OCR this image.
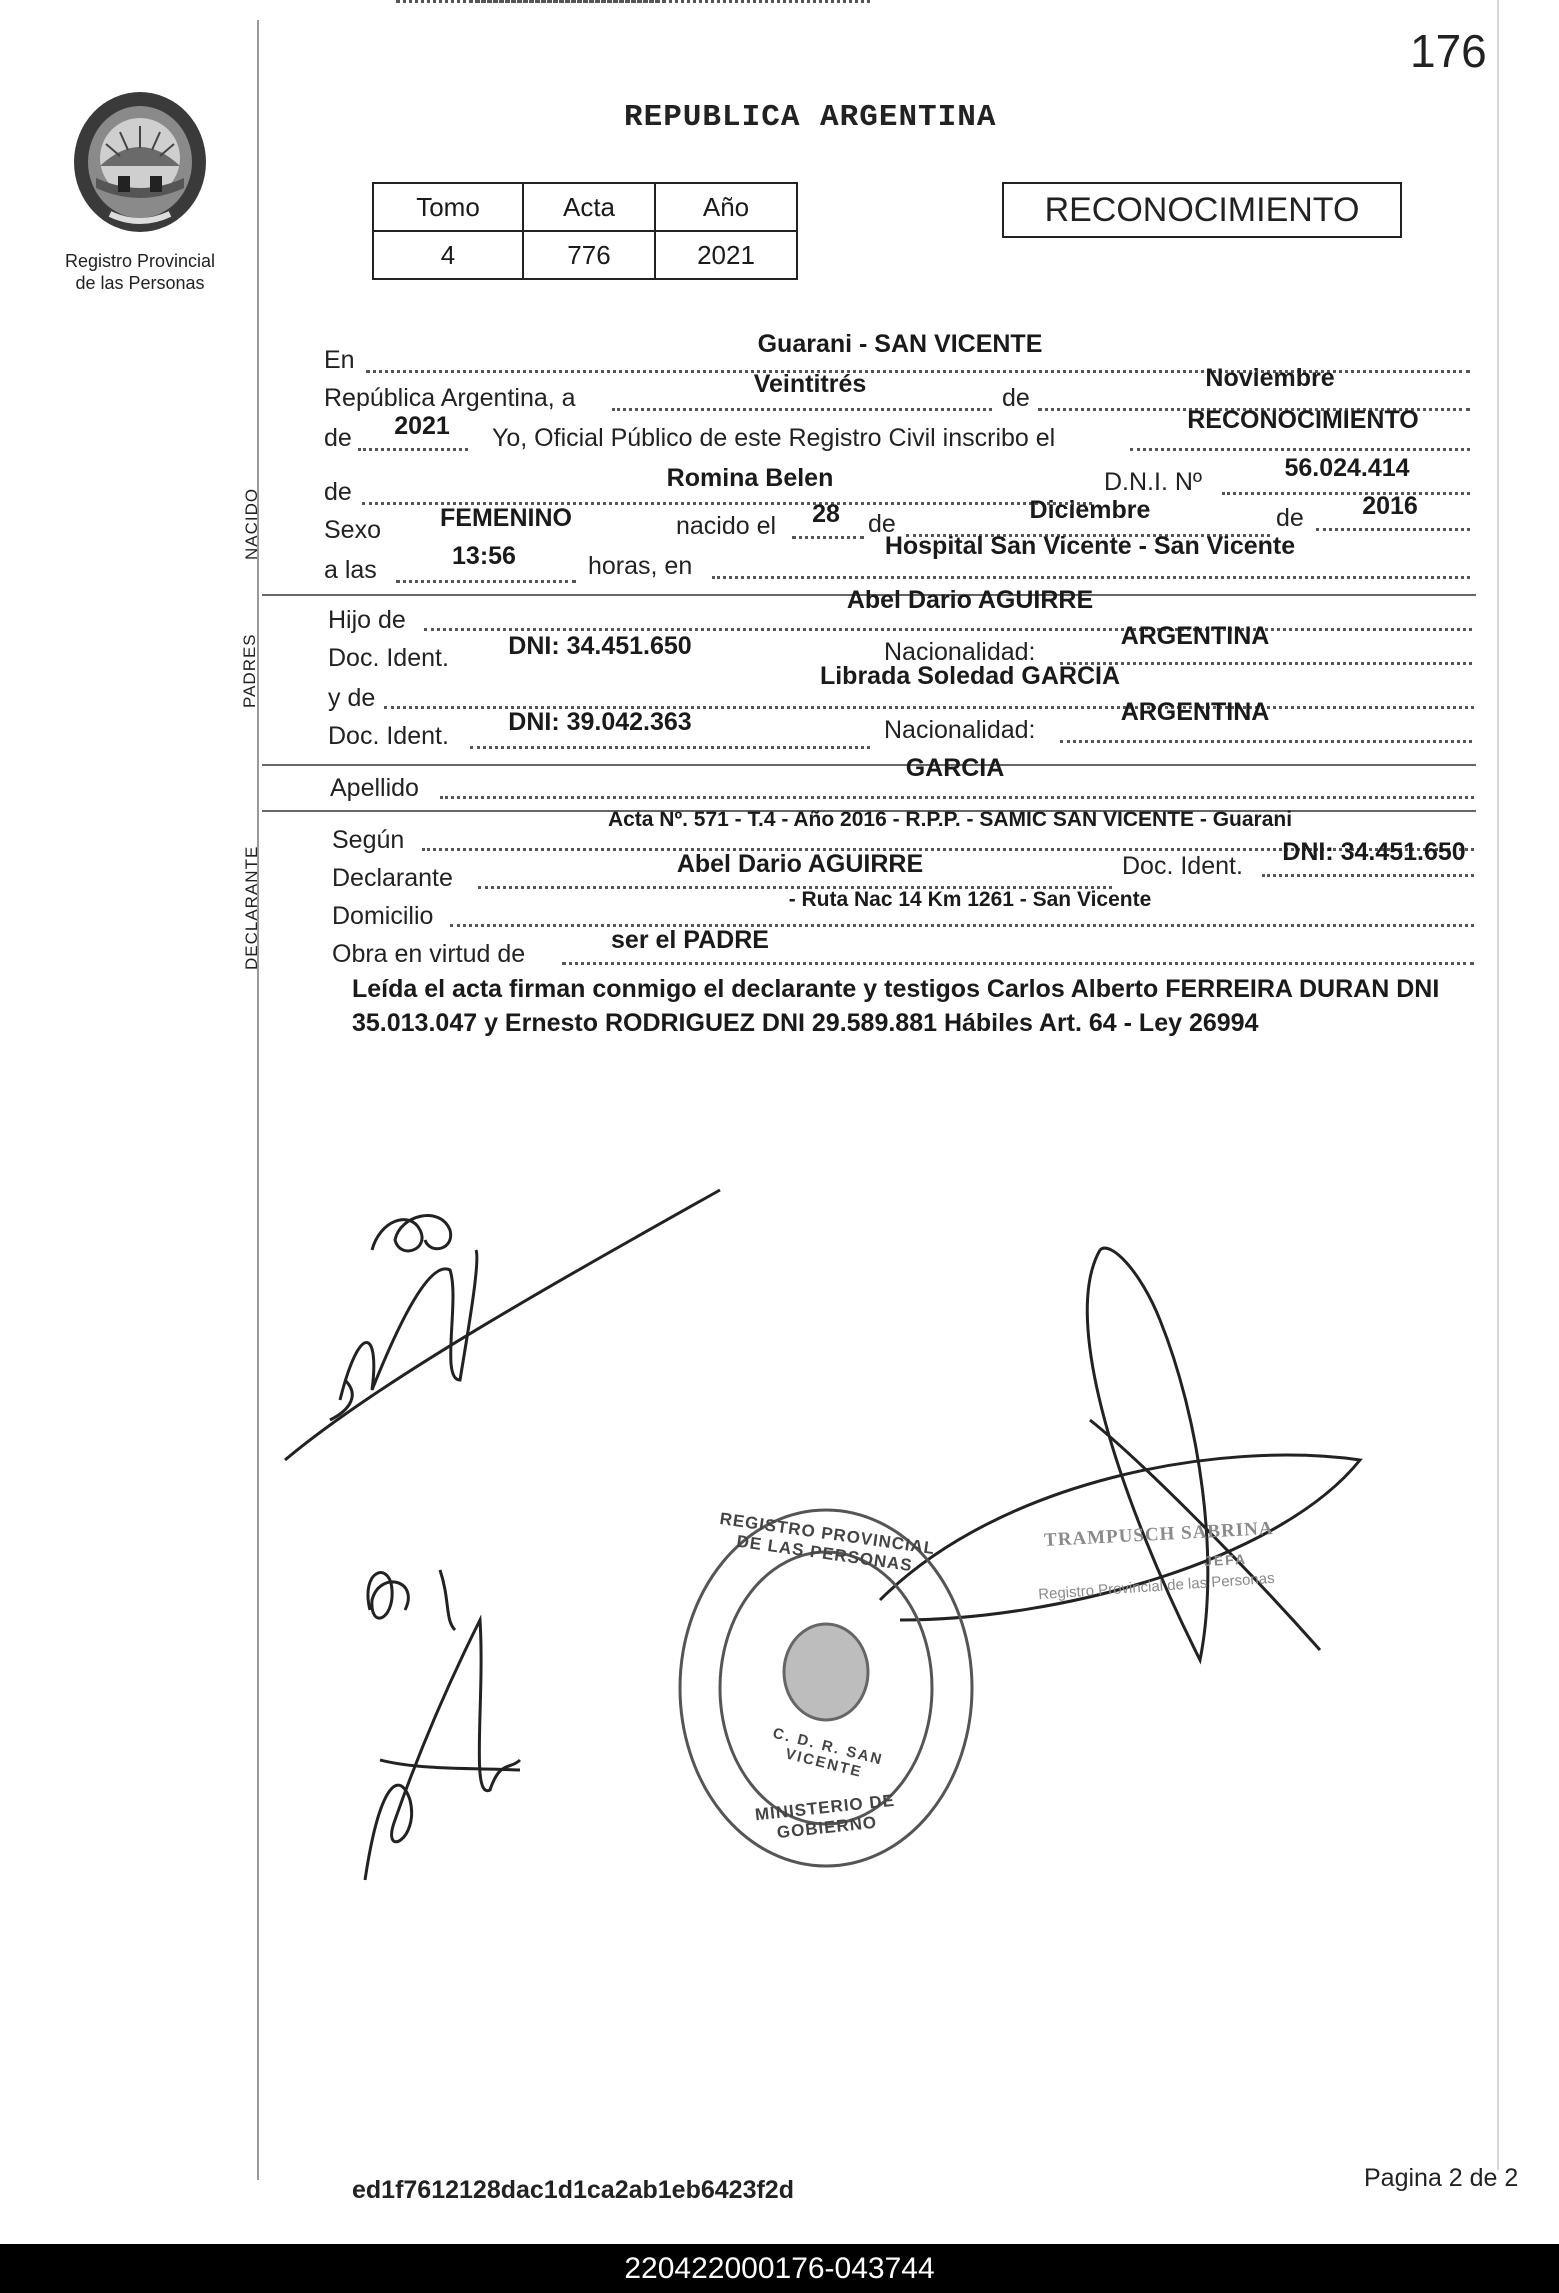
176
Registro Provincial
de las Personas
REPUBLICA ARGENTINA
Tomo	Acta	Año
4	776	2021
RECONOCIMIENTO
NACIDO
PADRES
DECLARANTE
En
Guarani - SAN VICENTE
República Argentina, a	Veintitrés	de
Noviembre
de	2021	Yo, Oficial Público de este Registro Civil inscribo el
RECONOCIMIENTO
de	Romina Belen	D.N.I. Nº	56.024.414
Sexo	FEMENINO	nacido el	28	de	Diciembre	de	2016
a las	13:56	horas, en
Hospital San Vicente - San Vicente
Hijo de
Abel Dario AGUIRRE
Doc. Ident.	DNI: 34.451.650	Nacionalidad:
ARGENTINA
y de
Librada Soledad GARCIA
Doc. Ident.	DNI: 39.042.363	Nacionalidad:
ARGENTINA
Apellido
GARCIA
Según
Acta Nº. 571 - T.4 - Año 2016 - R.P.P. - SAMIC SAN VICENTE - Guarani
Declarante	Abel Dario AGUIRRE	Doc. Ident.	DNI: 34.451.650
Domicilio
- Ruta Nac 14 Km 1261 - San Vicente
Obra en virtud de	ser el PADRE
Leída el acta firman conmigo el declarante y testigos Carlos Alberto FERREIRA DURAN DNI 35.013.047 y Ernesto RODRIGUEZ DNI 29.589.881 Hábiles Art. 64 - Ley 26994
REGISTRO PROVINCIAL DE LAS PERSONAS
C. D. R. SAN VICENTE
MINISTERIO DE GOBIERNO
TRAMPUSCH SABRINA
JEFA
Registro Provincial de las Personas
ed1f7612128dac1d1ca2ab1eb6423f2d	Pagina 2 de 2
220422000176-043744
